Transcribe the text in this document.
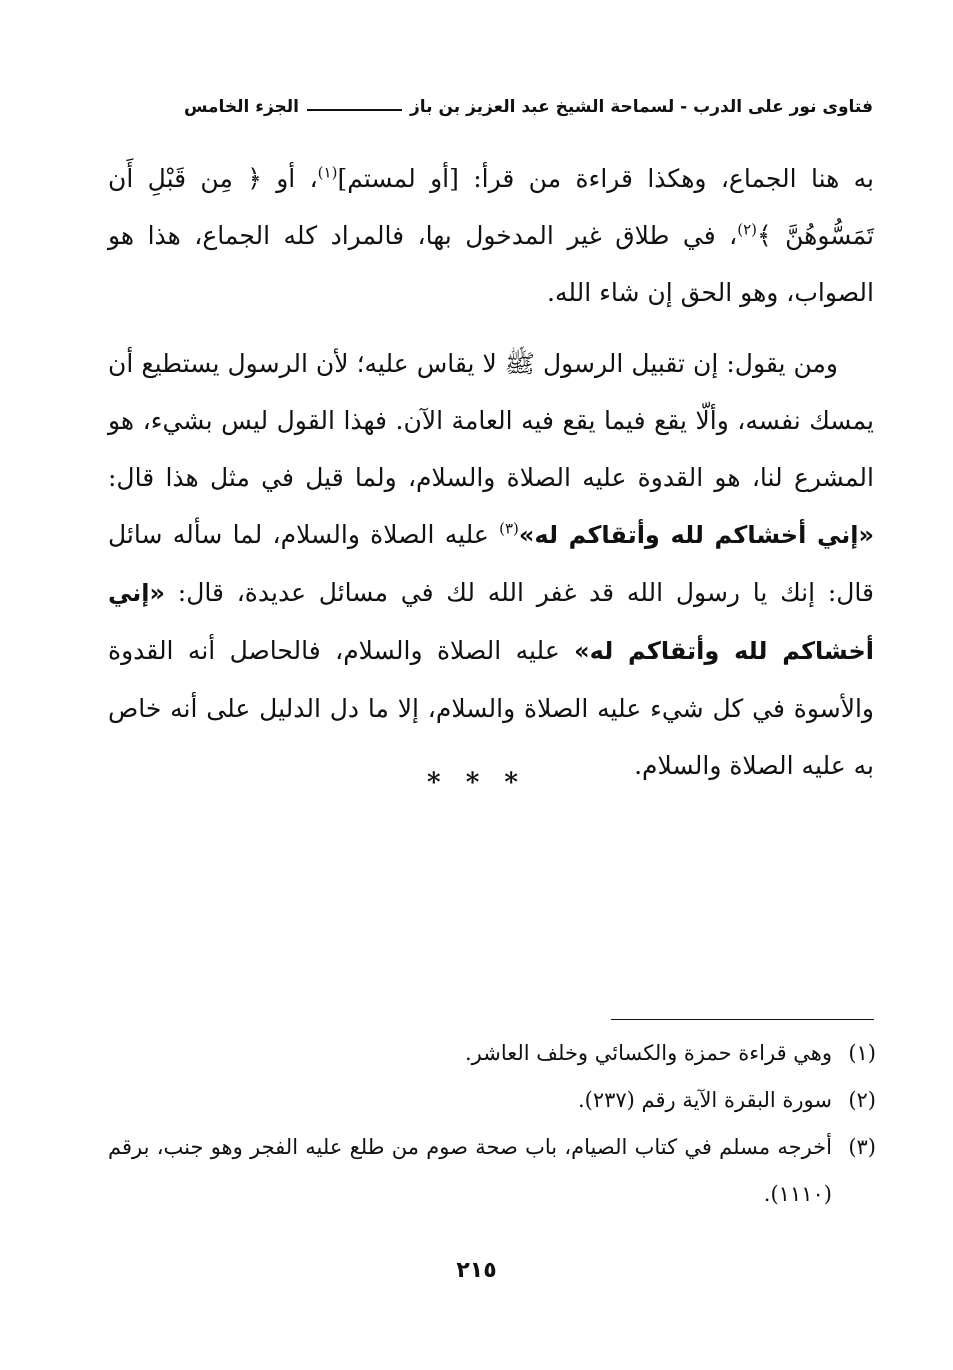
فتاوى نور على الدرب - لسماحة الشيخ عبد العزيز بن باز
الجزء الخامس

به هنا الجماع، وهكذا قراءة من قرأ: [أو لمستم]$^{(١)}$، أو ﴿ مِن قَبْلِ أَن تَمَسُّوهُنَّ ﴾$^{(٢)}$، في طلاق غير المدخول بها، فالمراد كله الجماع، هذا هو الصواب، وهو الحق إن شاء الله.

ومن يقول: إن تقبيل الرسول ﷺ لا يقاس عليه؛ لأن الرسول يستطيع أن يمسك نفسه، وألّا يقع فيما يقع فيه العامة الآن. فهذا القول ليس بشيء، هو المشرع لنا، هو القدوة عليه الصلاة والسلام، ولما قيل في مثل هذا قال: «إني أخشاكم لله وأتقاكم له»$^{(٣)}$ عليه الصلاة والسلام، لما سأله سائل قال: إنك يا رسول الله قد غفر الله لك في مسائل عديدة، قال: «إني أخشاكم لله وأتقاكم له» عليه الصلاة والسلام، فالحاصل أنه القدوة والأسوة في كل شيء عليه الصلاة والسلام، إلا ما دل الدليل على أنه خاص به عليه الصلاة والسلام.

* * *
(١)
وهي قراءة حمزة والكسائي وخلف العاشر.
(٢)
سورة البقرة الآية رقم (٢٣٧).
(٣)
أخرجه مسلم في كتاب الصيام، باب صحة صوم من طلع عليه الفجر وهو جنب، برقم (١١١٠).
٢١٥
